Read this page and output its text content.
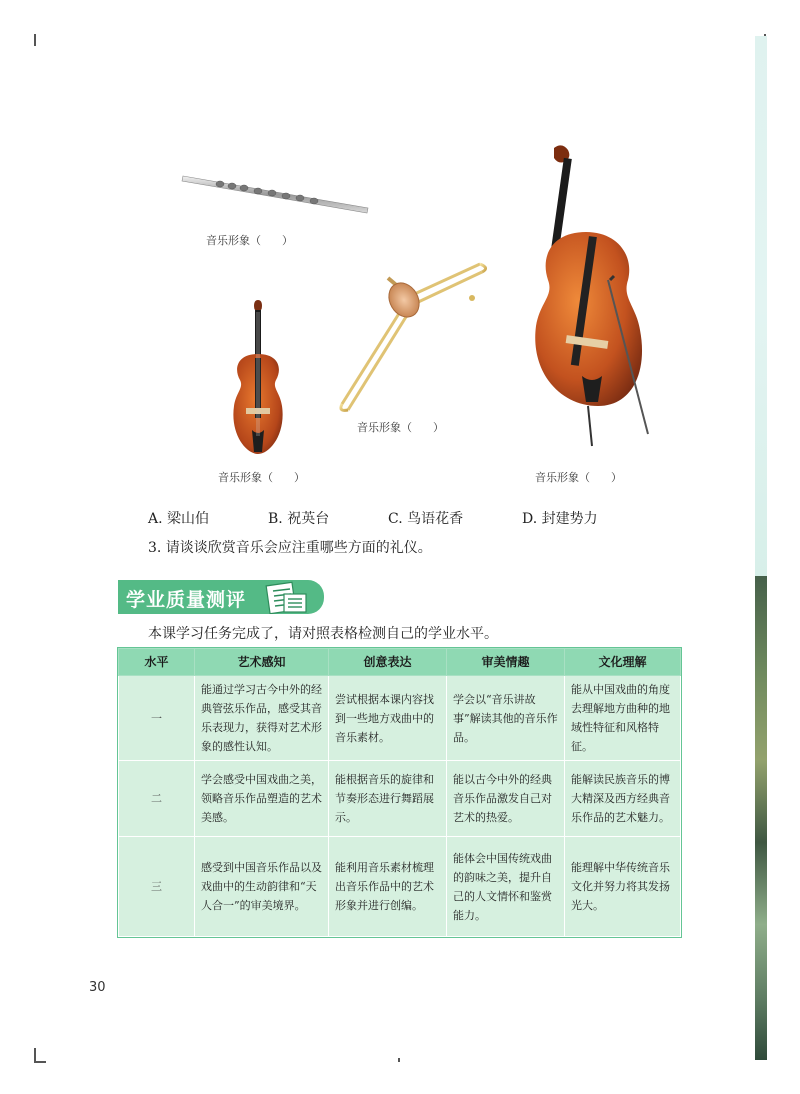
音乐形象（      ）
音乐形象（      ）
音乐形象（      ）
音乐形象（      ）
A. 梁山伯	B. 祝英台	C. 鸟语花香	D. 封建势力
3. 请谈谈欣赏音乐会应注重哪些方面的礼仪。
学业质量测评
本课学习任务完成了，请对照表格检测自己的学业水平。
水平	艺术感知	创意表达	审美情趣	文化理解
一	能通过学习古今中外的经典管弦乐作品，感受其音乐表现力，获得对艺术形象的感性认知。	尝试根据本课内容找到一些地方戏曲中的音乐素材。	学会以“音乐讲故事”解读其他的音乐作品。	能从中国戏曲的角度去理解地方曲种的地域性特征和风格特征。
二	学会感受中国戏曲之美，领略音乐作品塑造的艺术美感。	能根据音乐的旋律和节奏形态进行舞蹈展示。	能以古今中外的经典音乐作品激发自己对艺术的热爱。	能解读民族音乐的博大精深及西方经典音乐作品的艺术魅力。
三	感受到中国音乐作品以及戏曲中的生动韵律和“天人合一”的审美境界。	能利用音乐素材梳理出音乐作品中的艺术形象并进行创编。	能体会中国传统戏曲的韵味之美，提升自己的人文情怀和鉴赏能力。	能理解中华传统音乐文化并努力将其发扬光大。
30
